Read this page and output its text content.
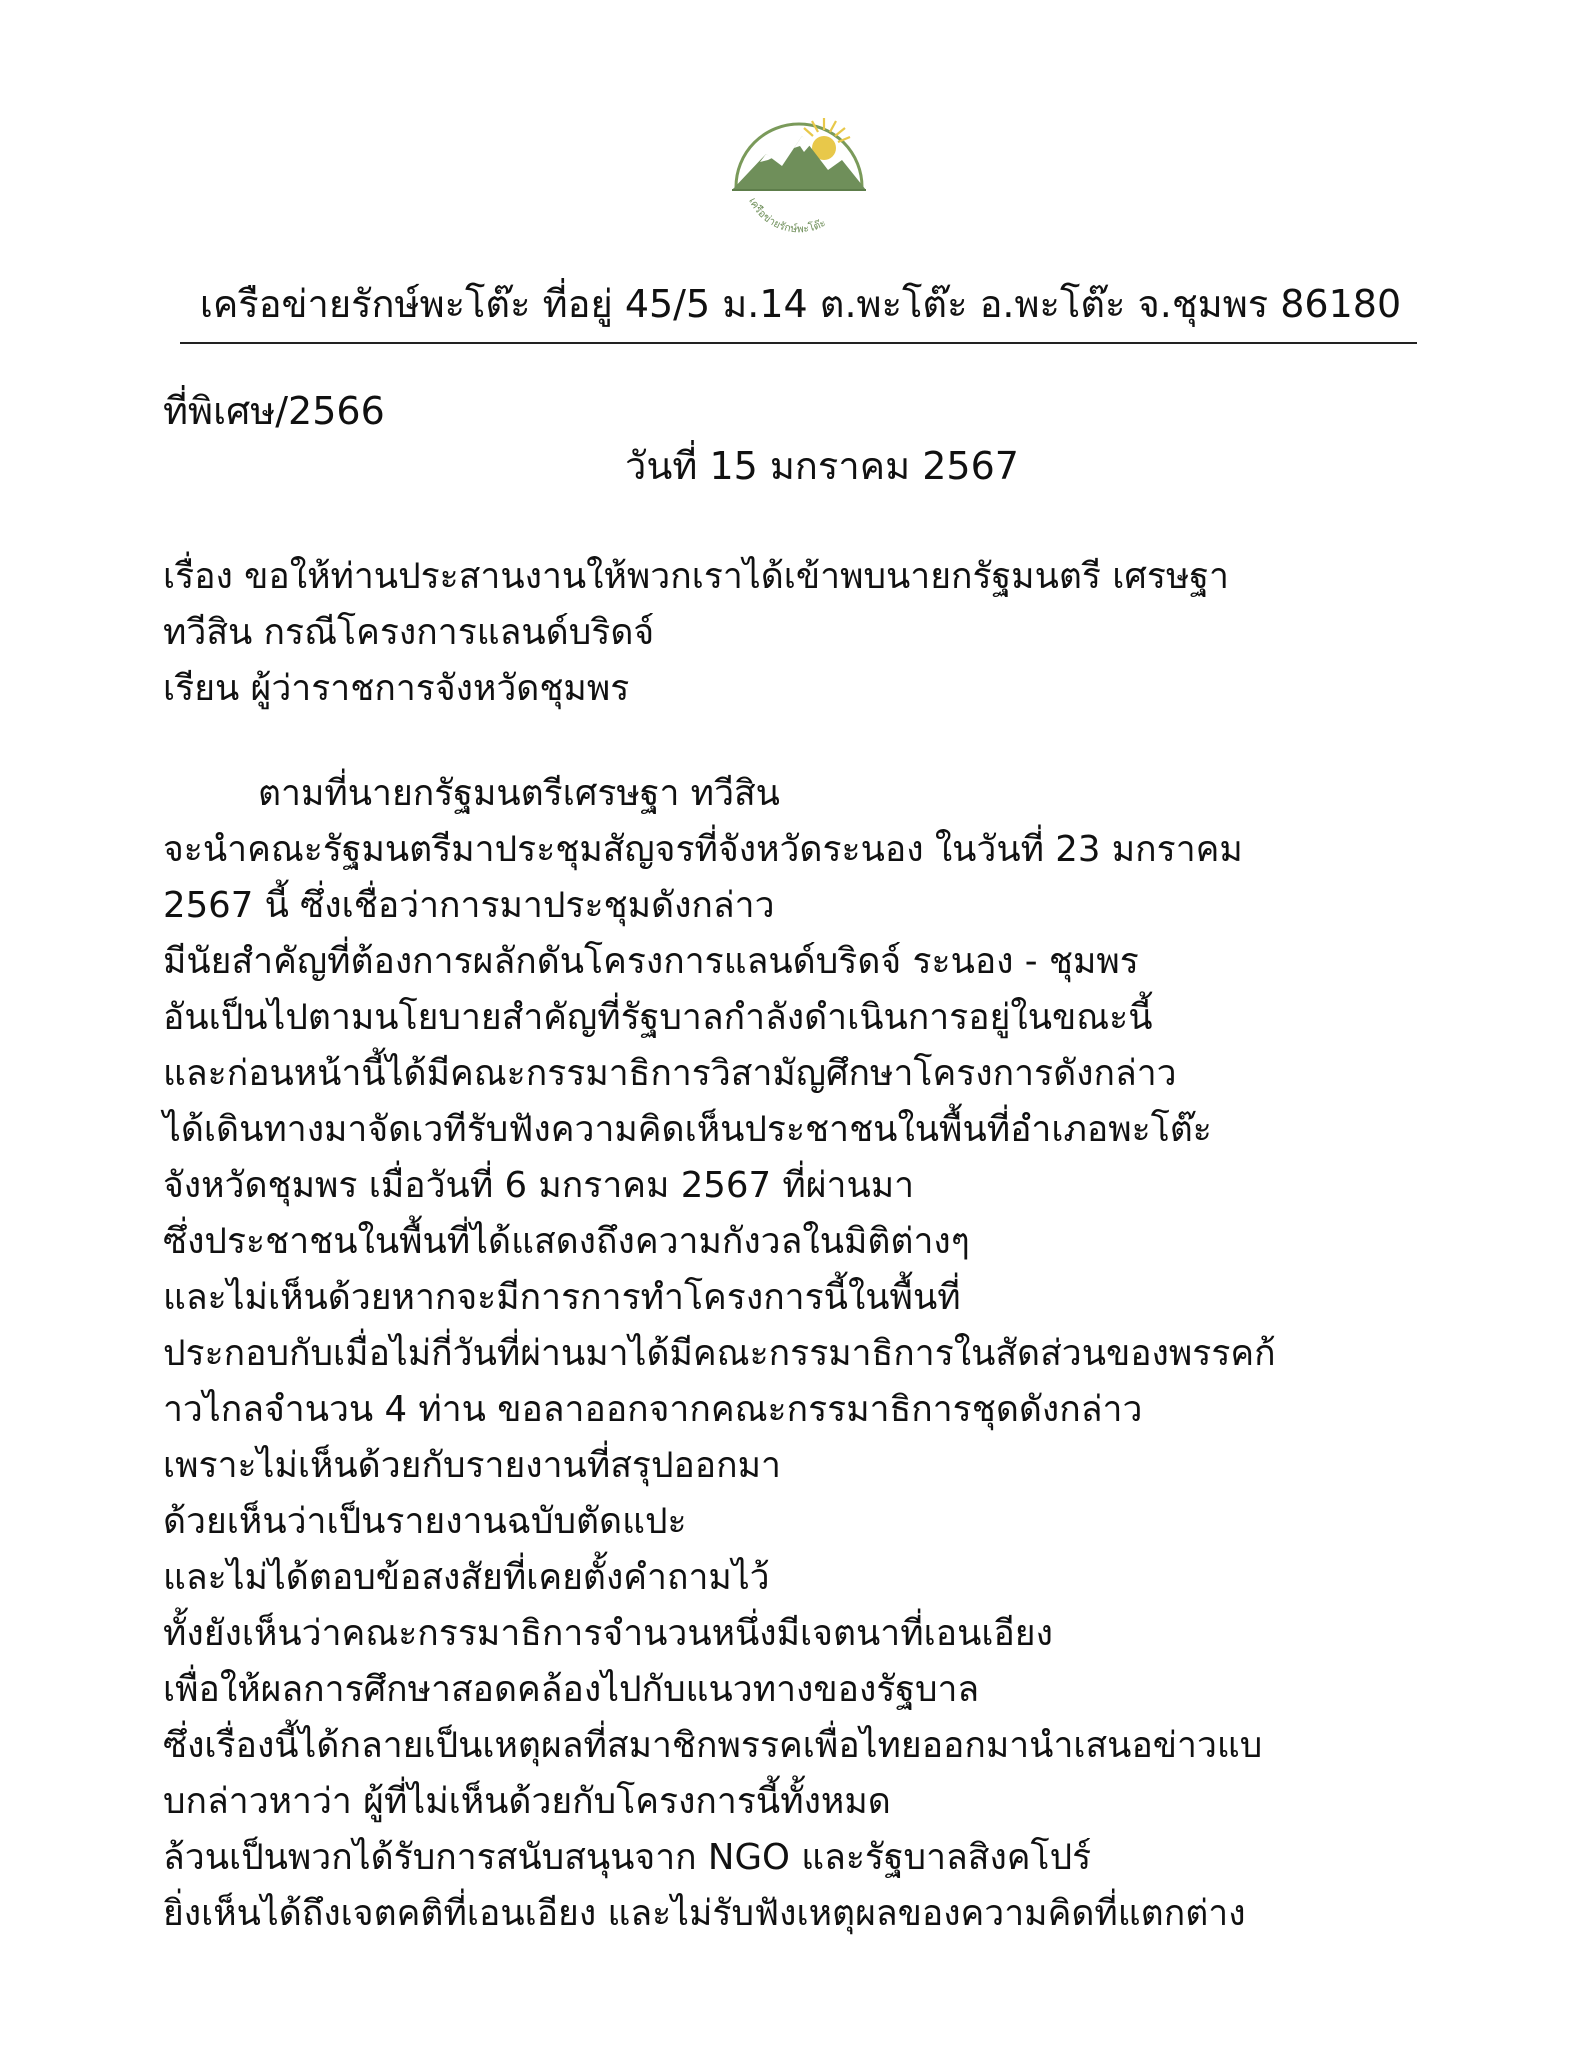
เครือข่ายรักษ์พะโต๊ะ
เครือข่ายรักษ์พะโต๊ะ ที่อยู่ 45/5 ม.14 ต.พะโต๊ะ อ.พะโต๊ะ จ.ชุมพร 86180
ที่พิเศษ/2566
วันที่ 15 มกราคม 2567
เรื่อง ขอให้ท่านประสานงานให้พวกเราได้เข้าพบนายกรัฐมนตรี เศรษฐา
ทวีสิน กรณีโครงการแลนด์บริดจ์
เรียน ผู้ว่าราชการจังหวัดชุมพร
ตามที่นายกรัฐมนตรีเศรษฐา ทวีสิน
จะนำคณะรัฐมนตรีมาประชุมสัญจรที่จังหวัดระนอง ในวันที่ 23 มกราคม
2567 นี้ ซึ่งเชื่อว่าการมาประชุมดังกล่าว
มีนัยสำคัญที่ต้องการผลักดันโครงการแลนด์บริดจ์ ระนอง - ชุมพร
อันเป็นไปตามนโยบายสำคัญที่รัฐบาลกำลังดำเนินการอยู่ในขณะนี้
และก่อนหน้านี้ได้มีคณะกรรมาธิการวิสามัญศึกษาโครงการดังกล่าว
ได้เดินทางมาจัดเวทีรับฟังความคิดเห็นประชาชนในพื้นที่อำเภอพะโต๊ะ
จังหวัดชุมพร เมื่อวันที่ 6 มกราคม 2567 ที่ผ่านมา
ซึ่งประชาชนในพื้นที่ได้แสดงถึงความกังวลในมิติต่างๆ
และไม่เห็นด้วยหากจะมีการการทำโครงการนี้ในพื้นที่
ประกอบกับเมื่อไม่กี่วันที่ผ่านมาได้มีคณะกรรมาธิการในสัดส่วนของพรรคก้
าวไกลจำนวน 4 ท่าน ขอลาออกจากคณะกรรมาธิการชุดดังกล่าว
เพราะไม่เห็นด้วยกับรายงานที่สรุปออกมา
ด้วยเห็นว่าเป็นรายงานฉบับตัดแปะ
และไม่ได้ตอบข้อสงสัยที่เคยตั้งคำถามไว้
ทั้งยังเห็นว่าคณะกรรมาธิการจำนวนหนึ่งมีเจตนาที่เอนเอียง
เพื่อให้ผลการศึกษาสอดคล้องไปกับแนวทางของรัฐบาล
ซึ่งเรื่องนี้ได้กลายเป็นเหตุผลที่สมาชิกพรรคเพื่อไทยออกมานำเสนอข่าวแบ
บกล่าวหาว่า ผู้ที่ไม่เห็นด้วยกับโครงการนี้ทั้งหมด
ล้วนเป็นพวกได้รับการสนับสนุนจาก NGO และรัฐบาลสิงคโปร์
ยิ่งเห็นได้ถึงเจตคติที่เอนเอียง และไม่รับฟังเหตุผลของความคิดที่แตกต่าง
